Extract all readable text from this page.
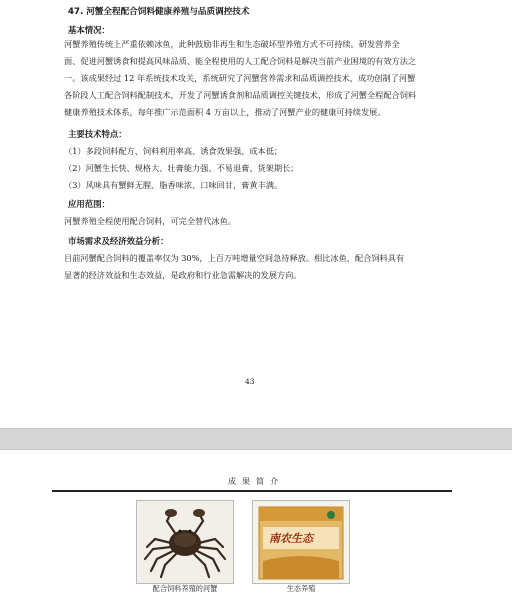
47. 河蟹全程配合饲料健康养殖与品质调控技术
基本情况：
河蟹养殖传统上严重依赖冰鱼，此种鼓励非再生和生态破坏型养殖方式不可持续。研发营养全
面、促进河蟹诱食和提高风味品质、能全程使用的人工配合饲料是解决当前产业困境的有效方法之
一。该成果经过 12 年系统技术攻关，系统研究了河蟹营养需求和品质调控技术，成功创制了河蟹
各阶段人工配合饲料配制技术，开发了河蟹诱食剂和品质调控关键技术，形成了河蟹全程配合饲料
健康养殖技术体系，每年推广示范面积 4 万亩以上，推动了河蟹产业的健康可持续发展。
主要技术特点：
（1）多段饲料配方、饲料利用率高、诱食效果强、成本低；
（2）河蟹生长快、规格大、壮膏能力强、不易退膏、货架期长；
（3）风味具有蟹鲜无腥、脂香味浓、口味回甘，膏黄丰满。
应用范围：
河蟹养殖全程使用配合饲料，可完全替代冰鱼。
市场需求及经济效益分析：
目前河蟹配合饲料的覆盖率仅为 30%，上百万吨增量空间急待释放。相比冰鱼，配合饲料具有
显著的经济效益和生态效益，是政府和行业急需解决的发展方向。
43
成果简介
南农生态
配合饲料养殖的河蟹	生态养殖
